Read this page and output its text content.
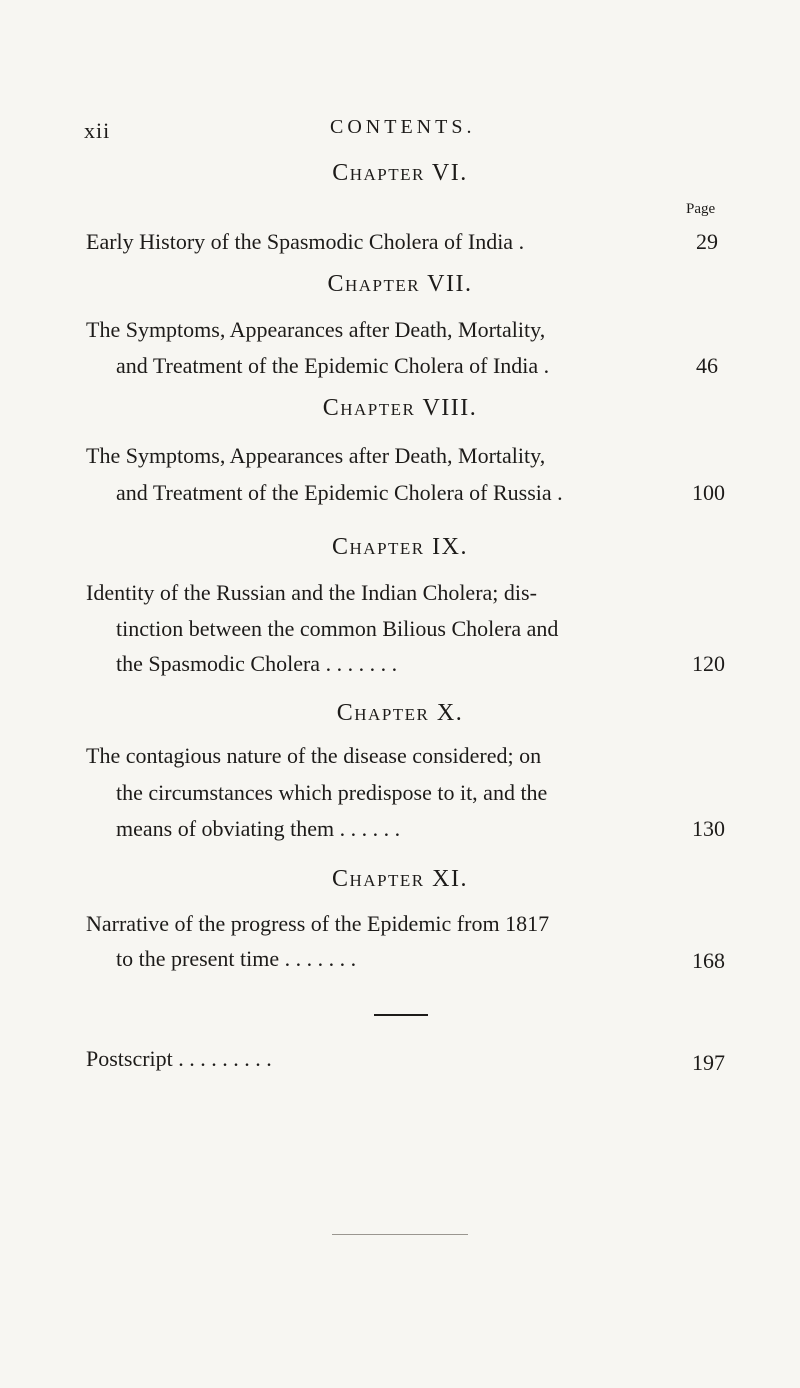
xii	CONTENTS.
Chapter VI.
Page
Early History of the Spasmodic Cholera of India .	29
Chapter VII.
The Symptoms, Appearances after Death, Mortality,
and Treatment of the Epidemic Cholera of India .	46
Chapter VIII.
The Symptoms, Appearances after Death, Mortality,
and Treatment of the Epidemic Cholera of Russia .	100
Chapter IX.
Identity of the Russian and the Indian Cholera; dis-
tinction between the common Bilious Cholera and
the Spasmodic Cholera . . . . . . .	120
Chapter X.
The contagious nature of the disease considered; on
the circumstances which predispose to it, and the
means of obviating them . . . . . .	130
Chapter XI.
Narrative of the progress of the Epidemic from 1817
to the present time . . . . . . .	168
Postscript . . . . . . . . .	197
